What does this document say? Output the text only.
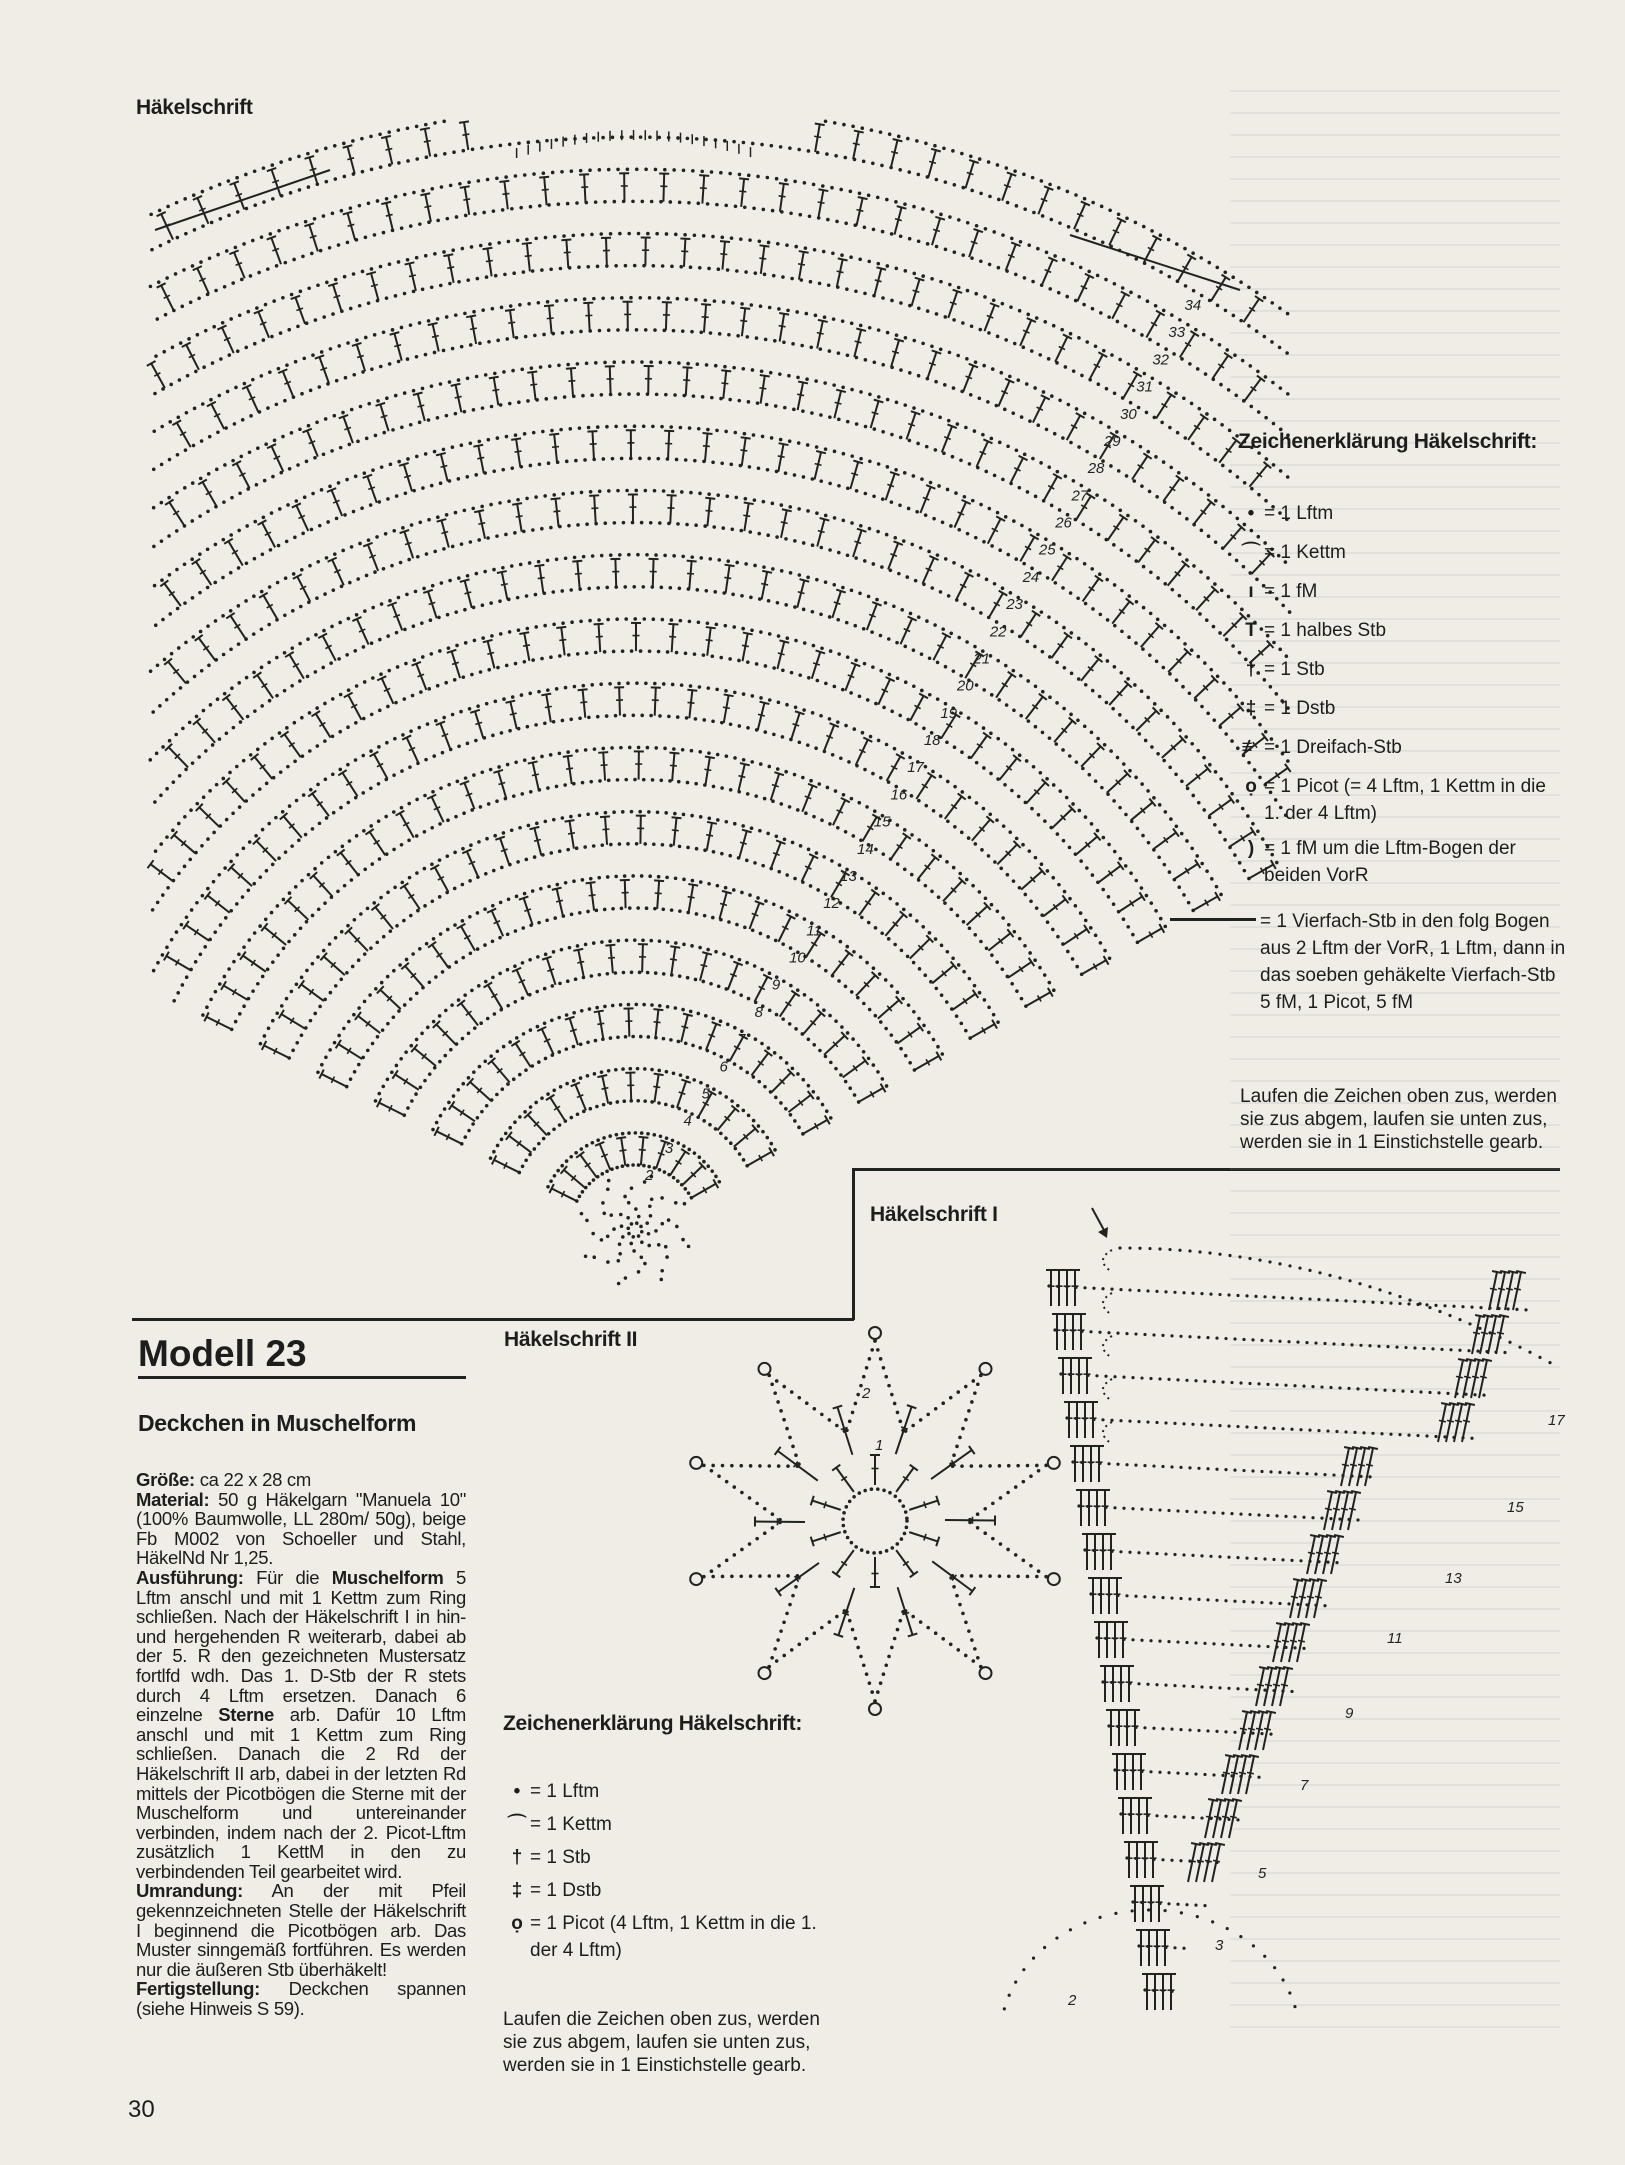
Häkelschrift
2
3
4
5
6
7
8
9
10
11
12
13
14
15
16
17
18
19
20
21
22
23
24
25
26
27
28
29
30
31
32
33
34
Zeichenerklärung Häkelschrift:
• = 1 Lftm
⌒ = 1 Kettm
ı = 1 fM
T = 1 halbes Stb
† = 1 Stb
‡ = 1 Dstb
≢ = 1 Dreifach-Stb
ọ = 1 Picot (= 4 Lftm, 1 Kettm in die 1. der 4 Lftm)
) = 1 fM um die Lftm-Bogen der beiden VorR
= 1 Vierfach-Stb in den folg Bogen aus 2 Lftm der VorR, 1 Lftm, dann in das soeben gehäkelte Vierfach-Stb 5 fM, 1 Picot, 5 fM
Laufen die Zeichen oben zus, werden sie zus abgem, laufen sie unten zus, werden sie in 1 Einstichstelle gearb.
Häkelschrift I
2
3
5
7
9
11
13
15
17
Häkelschrift II
2
1
Zeichenerklärung Häkelschrift:
• = 1 Lftm
⌒ = 1 Kettm
† = 1 Stb
‡ = 1 Dstb
ọ = 1 Picot (4 Lftm, 1 Kettm in die 1. der 4 Lftm)
Laufen die Zeichen oben zus, werden sie zus abgem, laufen sie unten zus, werden sie in 1 Einstichstelle gearb.
Modell 23
Deckchen in Muschelform
Größe: ca 22 x 28 cm
Material: 50 g Häkelgarn "Manuela 10" (100% Baumwolle, LL 280m/ 50g), beige Fb M002 von Schoeller und Stahl, HäkelNd Nr 1,25.
Ausführung: Für die Muschelform 5 Lftm anschl und mit 1 Kettm zum Ring schließen. Nach der Häkelschrift I in hin- und hergehenden R weiterarb, dabei ab der 5. R den gezeichneten Mustersatz fortlfd wdh. Das 1. D-Stb der R stets durch 4 Lftm ersetzen. Danach 6 einzelne Sterne arb. Dafür 10 Lftm anschl und mit 1 Kettm zum Ring schließen. Danach die 2 Rd der Häkelschrift II arb, dabei in der letzten Rd mittels der Picotbögen die Sterne mit der Muschelform und untereinander verbinden, indem nach der 2. Picot-Lftm zusätzlich 1 KettM in den zu verbindenden Teil gearbeitet wird.
Umrandung: An der mit Pfeil gekennzeichneten Stelle der Häkelschrift I beginnend die Picotbögen arb. Das Muster sinngemäß fortführen. Es werden nur die äußeren Stb überhäkelt!
Fertigstellung: Deckchen spannen (siehe Hinweis S 59).
30
